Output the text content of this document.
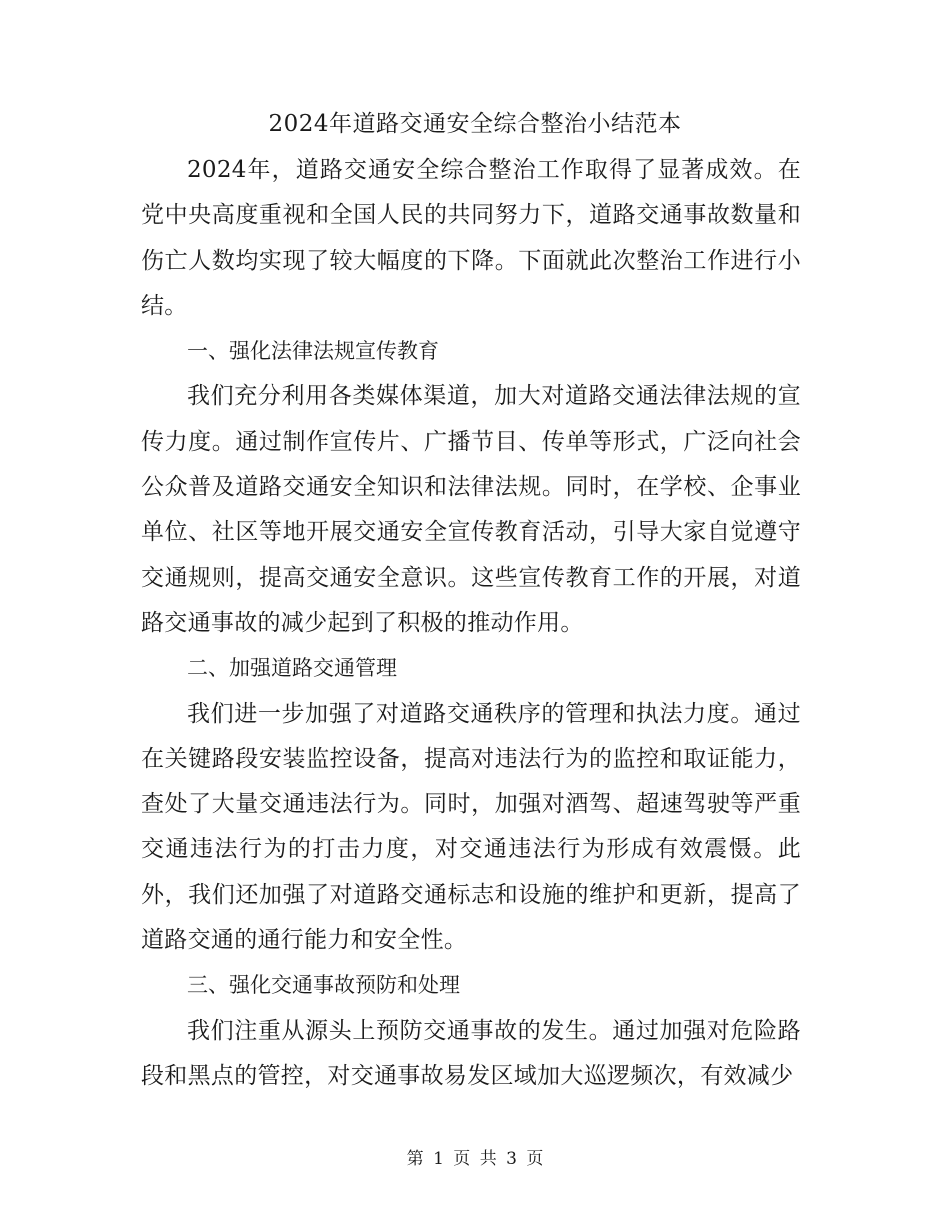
2024年道路交通安全综合整治小结范本

2024年，道路交通安全综合整治工作取得了显著成效。在党中央高度重视和全国人民的共同努力下，道路交通事故数量和伤亡人数均实现了较大幅度的下降。下面就此次整治工作进行小结。

一、强化法律法规宣传教育

我们充分利用各类媒体渠道，加大对道路交通法律法规的宣传力度。通过制作宣传片、广播节目、传单等形式，广泛向社会公众普及道路交通安全知识和法律法规。同时，在学校、企事业单位、社区等地开展交通安全宣传教育活动，引导大家自觉遵守交通规则，提高交通安全意识。这些宣传教育工作的开展，对道路交通事故的减少起到了积极的推动作用。

二、加强道路交通管理

我们进一步加强了对道路交通秩序的管理和执法力度。通过在关键路段安装监控设备，提高对违法行为的监控和取证能力，查处了大量交通违法行为。同时，加强对酒驾、超速驾驶等严重交通违法行为的打击力度，对交通违法行为形成有效震慑。此外，我们还加强了对道路交通标志和设施的维护和更新，提高了道路交通的通行能力和安全性。

三、强化交通事故预防和处理

我们注重从源头上预防交通事故的发生。通过加强对危险路段和黑点的管控，对交通事故易发区域加大巡逻频次，有效减少

第 1 页 共 3 页
